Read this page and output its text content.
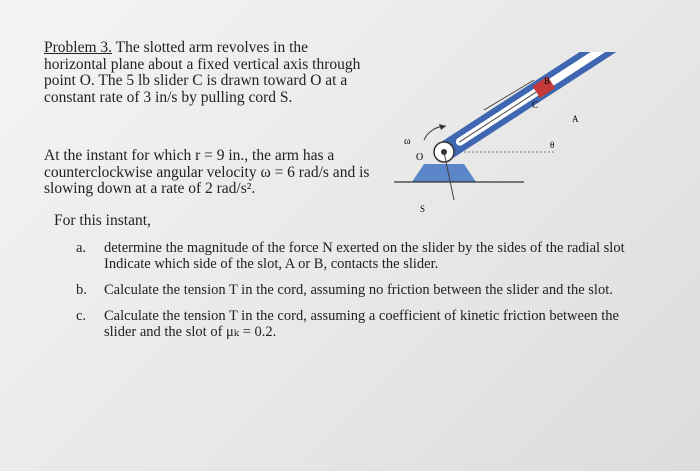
Problem 3. The slotted arm revolves in the horizontal plane about a fixed vertical axis through point O. The 5 lb slider C is drawn toward O at a constant rate of 3 in/s by pulling cord S.
At the instant for which r = 9 in., the arm has a counterclockwise angular velocity ω = 6 rad/s and is slowing down at a rate of 2 rad/s².
For this instant,
a.	determine the magnitude of the force N exerted on the slider by the sides of the radial slot Indicate which side of the slot, A or B, contacts the slider.
b.	Calculate the tension T in the cord, assuming no friction between the slider and the slot.
c.	Calculate the tension T in the cord, assuming a coefficient of kinetic friction between the slider and the slot of μₖ = 0.2.
B
C
A
O
ω	θ
S
